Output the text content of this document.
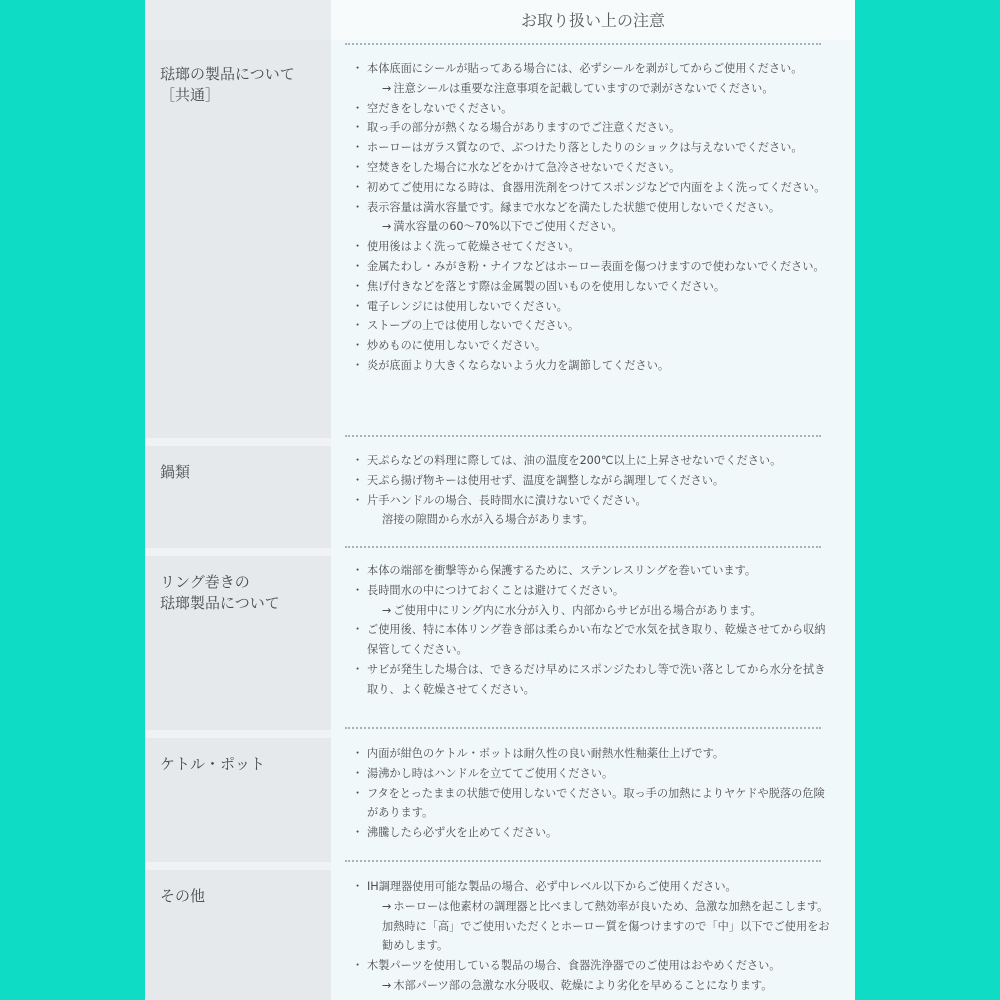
お取り扱い上の注意
琺瑯の製品について
［共通］
・ 本体底面にシールが貼ってある場合には、必ずシールを剥がしてからご使用ください。
→ 注意シールは重要な注意事項を記載していますので剥がさないでください。
・ 空だきをしないでください。
・ 取っ手の部分が熱くなる場合がありますのでご注意ください。
・ ホーローはガラス質なので、ぶつけたり落としたりのショックは与えないでください。
・ 空焚きをした場合に水などをかけて急冷させないでください。
・ 初めてご使用になる時は、食器用洗剤をつけてスポンジなどで内面をよく洗ってください。
・ 表示容量は満水容量です。縁まで水などを満たした状態で使用しないでください。
→ 満水容量の60〜70%以下でご使用ください。
・ 使用後はよく洗って乾燥させてください。
・ 金属たわし・みがき粉・ナイフなどはホーロー表面を傷つけますので使わないでください。
・ 焦げ付きなどを落とす際は金属製の固いものを使用しないでください。
・ 電子レンジには使用しないでください。
・ ストーブの上では使用しないでください。
・ 炒めものに使用しないでください。
・ 炎が底面より大きくならないよう火力を調節してください。
鍋類
・ 天ぷらなどの料理に際しては、油の温度を200℃以上に上昇させないでください。
・ 天ぷら揚げ物キーは使用せず、温度を調整しながら調理してください。
・ 片手ハンドルの場合、長時間水に漬けないでください。
溶接の隙間から水が入る場合があります。
リング巻きの
琺瑯製品について
・ 本体の端部を衝撃等から保護するために、ステンレスリングを巻いています。
・ 長時間水の中につけておくことは避けてください。
→ ご使用中にリング内に水分が入り、内部からサビが出る場合があります。
・ ご使用後、特に本体リング巻き部は柔らかい布などで水気を拭き取り、乾燥させてから収納保管してください。
・ サビが発生した場合は、できるだけ早めにスポンジたわし等で洗い落としてから水分を拭き取り、よく乾燥させてください。
ケトル・ポット
・ 内面が紺色のケトル・ポットは耐久性の良い耐熱水性釉薬仕上げです。
・ 湯沸かし時はハンドルを立ててご使用ください。
・ フタをとったままの状態で使用しないでください。取っ手の加熱によりヤケドや脱落の危険があります。
・ 沸騰したら必ず火を止めてください。
その他
・ IH調理器使用可能な製品の場合、必ず中レベル以下からご使用ください。
→ ホーローは他素材の調理器と比べまして熱効率が良いため、急激な加熱を起こします。加熱時に「高」でご使用いただくとホーロー質を傷つけますので「中」以下でご使用をお勧めします。
・ 木製パーツを使用している製品の場合、食器洗浄器でのご使用はおやめください。
→ 木部パーツ部の急激な水分吸収、乾燥により劣化を早めることになります。
